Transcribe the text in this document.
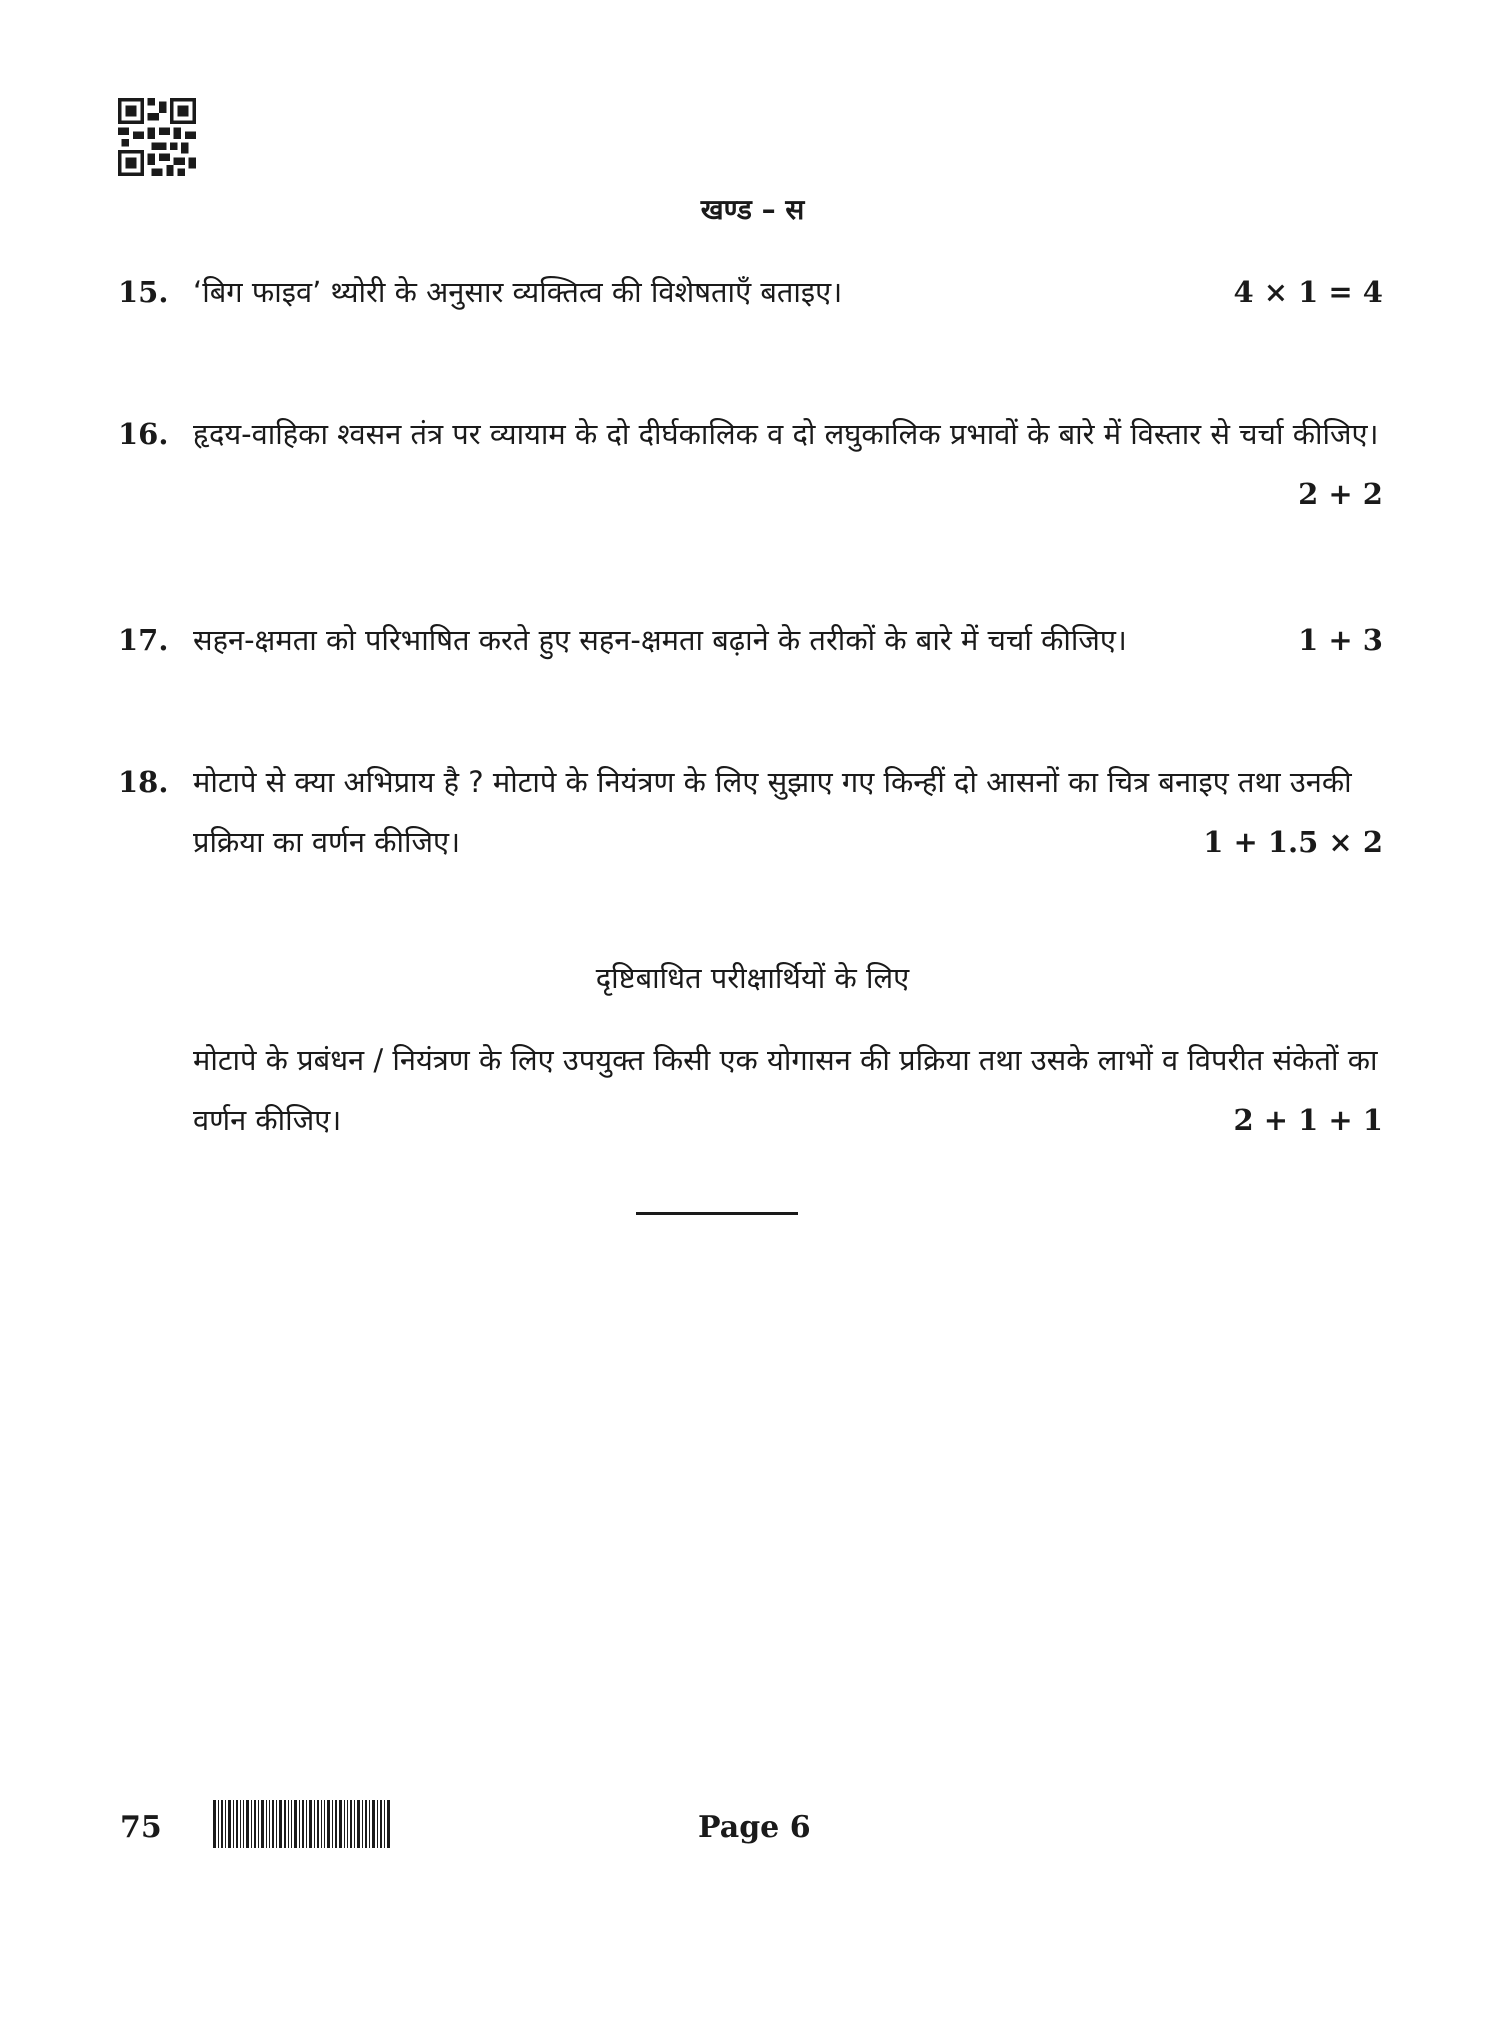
खण्ड – स
15. ‘बिग फाइव’ थ्योरी के अनुसार व्यक्तित्व की विशेषताएँ बताइए।	4 × 1 = 4
16. हृदय-वाहिका श्वसन तंत्र पर व्यायाम के दो दीर्घकालिक व दो लघुकालिक प्रभावों के बारे में विस्तार से चर्चा कीजिए।
2 + 2
17. सहन-क्षमता को परिभाषित करते हुए सहन-क्षमता बढ़ाने के तरीकों के बारे में चर्चा कीजिए।	1 + 3
18. मोटापे से क्या अभिप्राय है ? मोटापे के नियंत्रण के लिए सुझाए गए किन्हीं दो आसनों का चित्र बनाइए तथा उनकी प्रक्रिया का वर्णन कीजिए।	1 + 1.5 × 2
दृष्टिबाधित परीक्षार्थियों के लिए
मोटापे के प्रबंधन / नियंत्रण के लिए उपयुक्त किसी एक योगासन की प्रक्रिया तथा उसके लाभों व विपरीत संकेतों का वर्णन कीजिए।	2 + 1 + 1
75	Page 6
